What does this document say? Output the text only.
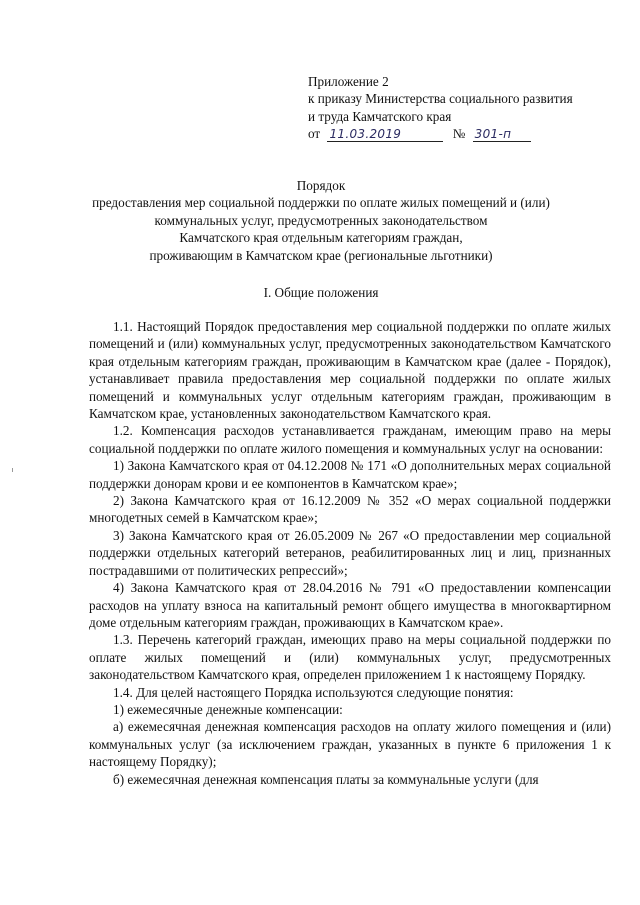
Приложение 2
к приказу Министерства социального развития
и труда Камчатского края
от 11.03.2019	№ 301-п
Порядок
предоставления мер социальной поддержки по оплате жилых помещений и (или)
коммунальных услуг, предусмотренных законодательством
Камчатского края отдельным категориям граждан,
проживающим в Камчатском крае (региональные льготники)
I. Общие положения

1.1. Настоящий Порядок предоставления мер социальной поддержки по оплате жилых помещений и (или) коммунальных услуг, предусмотренных законодательством Камчатского края отдельным категориям граждан, проживающим в Камчатском крае (далее - Порядок), устанавливает правила предоставления мер социальной поддержки по оплате жилых помещений и коммунальных услуг отдельным категориям граждан, проживающим в Камчатском крае, установленных законодательством Камчатского края.

1.2. Компенсация расходов устанавливается гражданам, имеющим право на меры социальной поддержки по оплате жилого помещения и коммунальных услуг на основании:

1) Закона Камчатского края от 04.12.2008 № 171 «О дополнительных мерах социальной поддержки донорам крови и ее компонентов в Камчатском крае»;

2) Закона Камчатского края от 16.12.2009 № 352 «О мерах социальной поддержки многодетных семей в Камчатском крае»;

3) Закона Камчатского края от 26.05.2009 № 267 «О предоставлении мер социальной поддержки отдельных категорий ветеранов, реабилитированных лиц и лиц, признанных пострадавшими от политических репрессий»;

4) Закона Камчатского края от 28.04.2016 № 791 «О предоставлении компенсации расходов на уплату взноса на капитальный ремонт общего имущества в многоквартирном доме отдельным категориям граждан, проживающих в Камчатском крае».

1.3. Перечень категорий граждан, имеющих право на меры социальной поддержки по оплате жилых помещений и (или) коммунальных услуг, предусмотренных законодательством Камчатского края, определен приложением 1 к настоящему Порядку.

1.4. Для целей настоящего Порядка используются следующие понятия:

1) ежемесячные денежные компенсации:

а) ежемесячная денежная компенсация расходов на оплату жилого помещения и (или) коммунальных услуг (за исключением граждан, указанных в пункте 6 приложения 1 к настоящему Порядку);

б) ежемесячная денежная компенсация платы за коммунальные услуги (для
